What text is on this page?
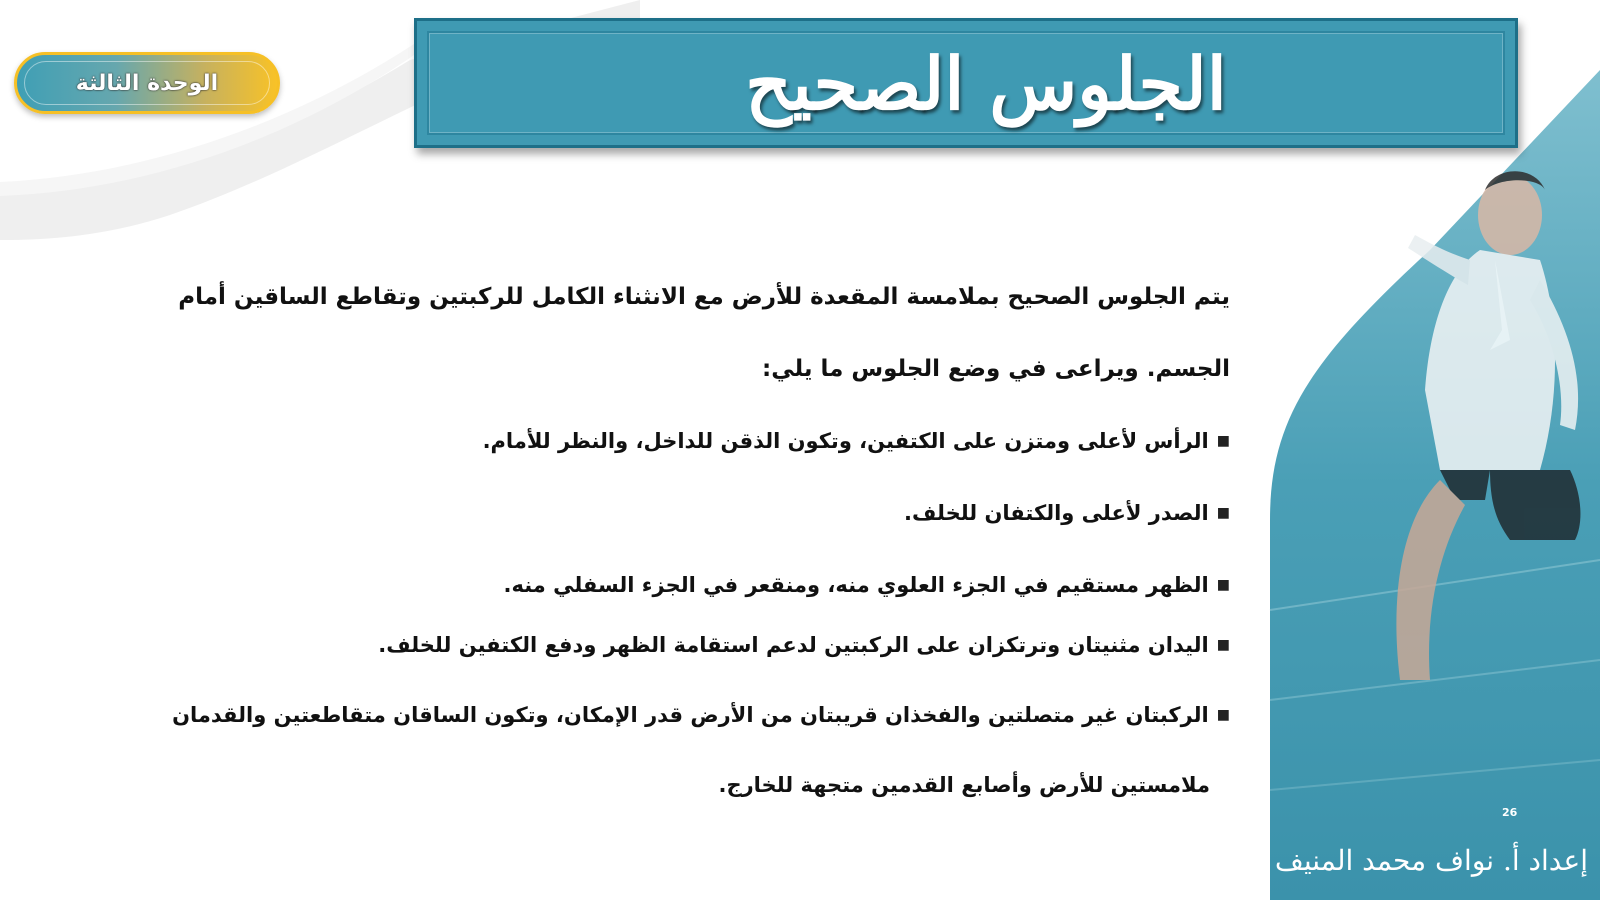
الوحدة الثالثة	الجلوس الصحيح

يتم الجلوس الصحيح بملامسة المقعدة للأرض مع الانثناء الكامل للركبتين وتقاطع الساقين أمام

الجسم. ويراعى في وضع الجلوس ما يلي:

■
الرأس لأعلى ومتزن على الكتفين، وتكون الذقن للداخل، والنظر للأمام.
■
الصدر لأعلى والكتفان للخلف.
■
الظهر مستقيم في الجزء العلوي منه، ومنقعر في الجزء السفلي منه.
■
اليدان مثنيتان وترتكزان على الركبتين لدعم استقامة الظهر ودفع الكتفين للخلف.
■
الركبتان غير متصلتين والفخذان قريبتان من الأرض قدر الإمكان، وتكون الساقان متقاطعتين والقدمان
ملامستين للأرض وأصابع القدمين متجهة للخارج.
26
إعداد أ. نواف محمد المنيف
